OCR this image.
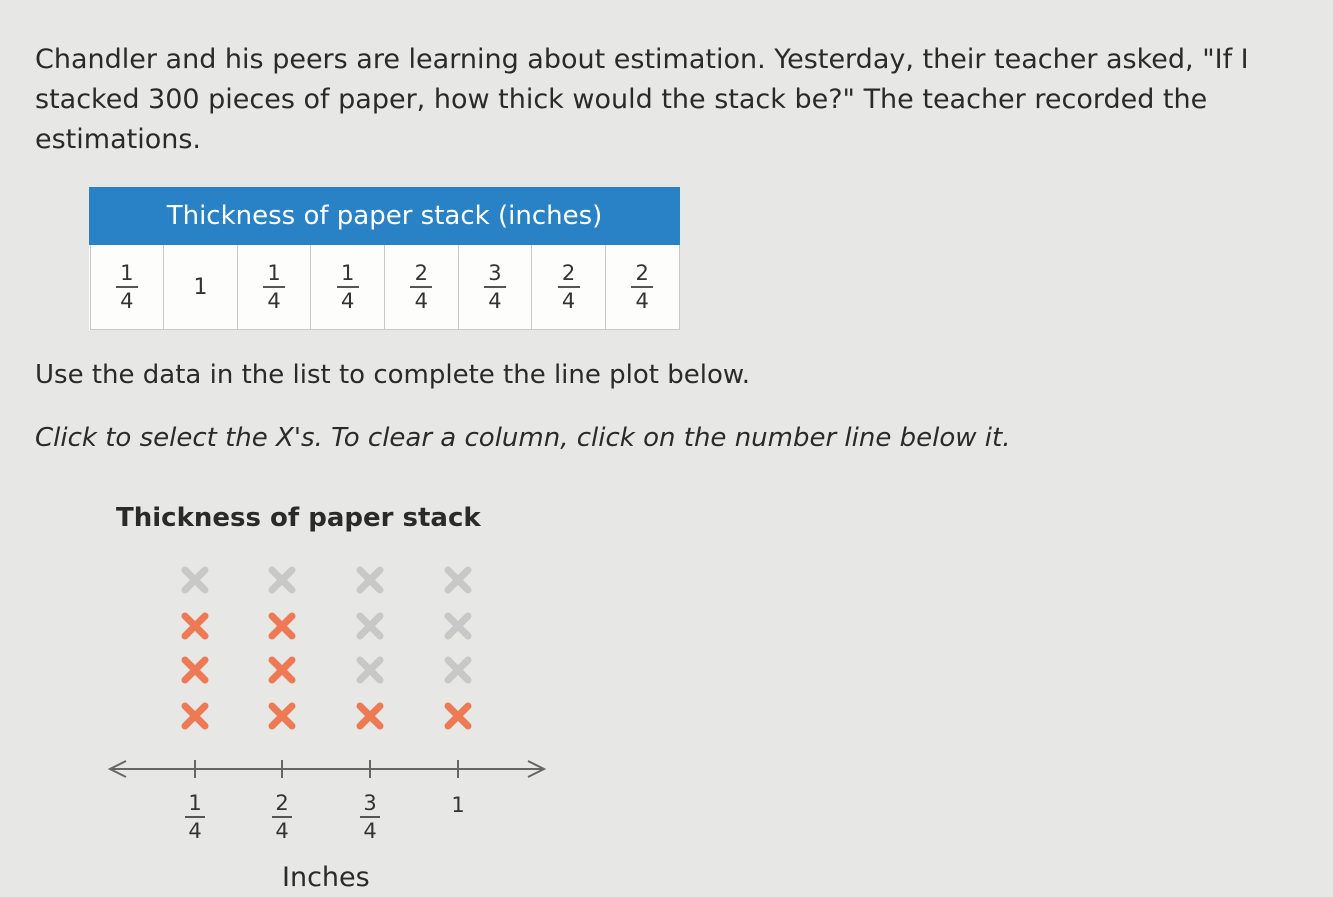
Chandler and his peers are learning about estimation. Yesterday, their teacher asked, "If I stacked 300 pieces of paper, how thick would the stack be?" The teacher recorded the estimations.

Thickness of paper stack (inches)

$\frac{1}{4}$	1	$\frac{1}{4}$	$\frac{1}{4}$	$\frac{2}{4}$	$\frac{3}{4}$	$\frac{2}{4}$	$\frac{2}{4}$

Use the data in the list to complete the line plot below.

Click to select the X's. To clear a column, click on the number line below it.

Thickness of paper stack

1
4
2
4
3
4
1

Inches
